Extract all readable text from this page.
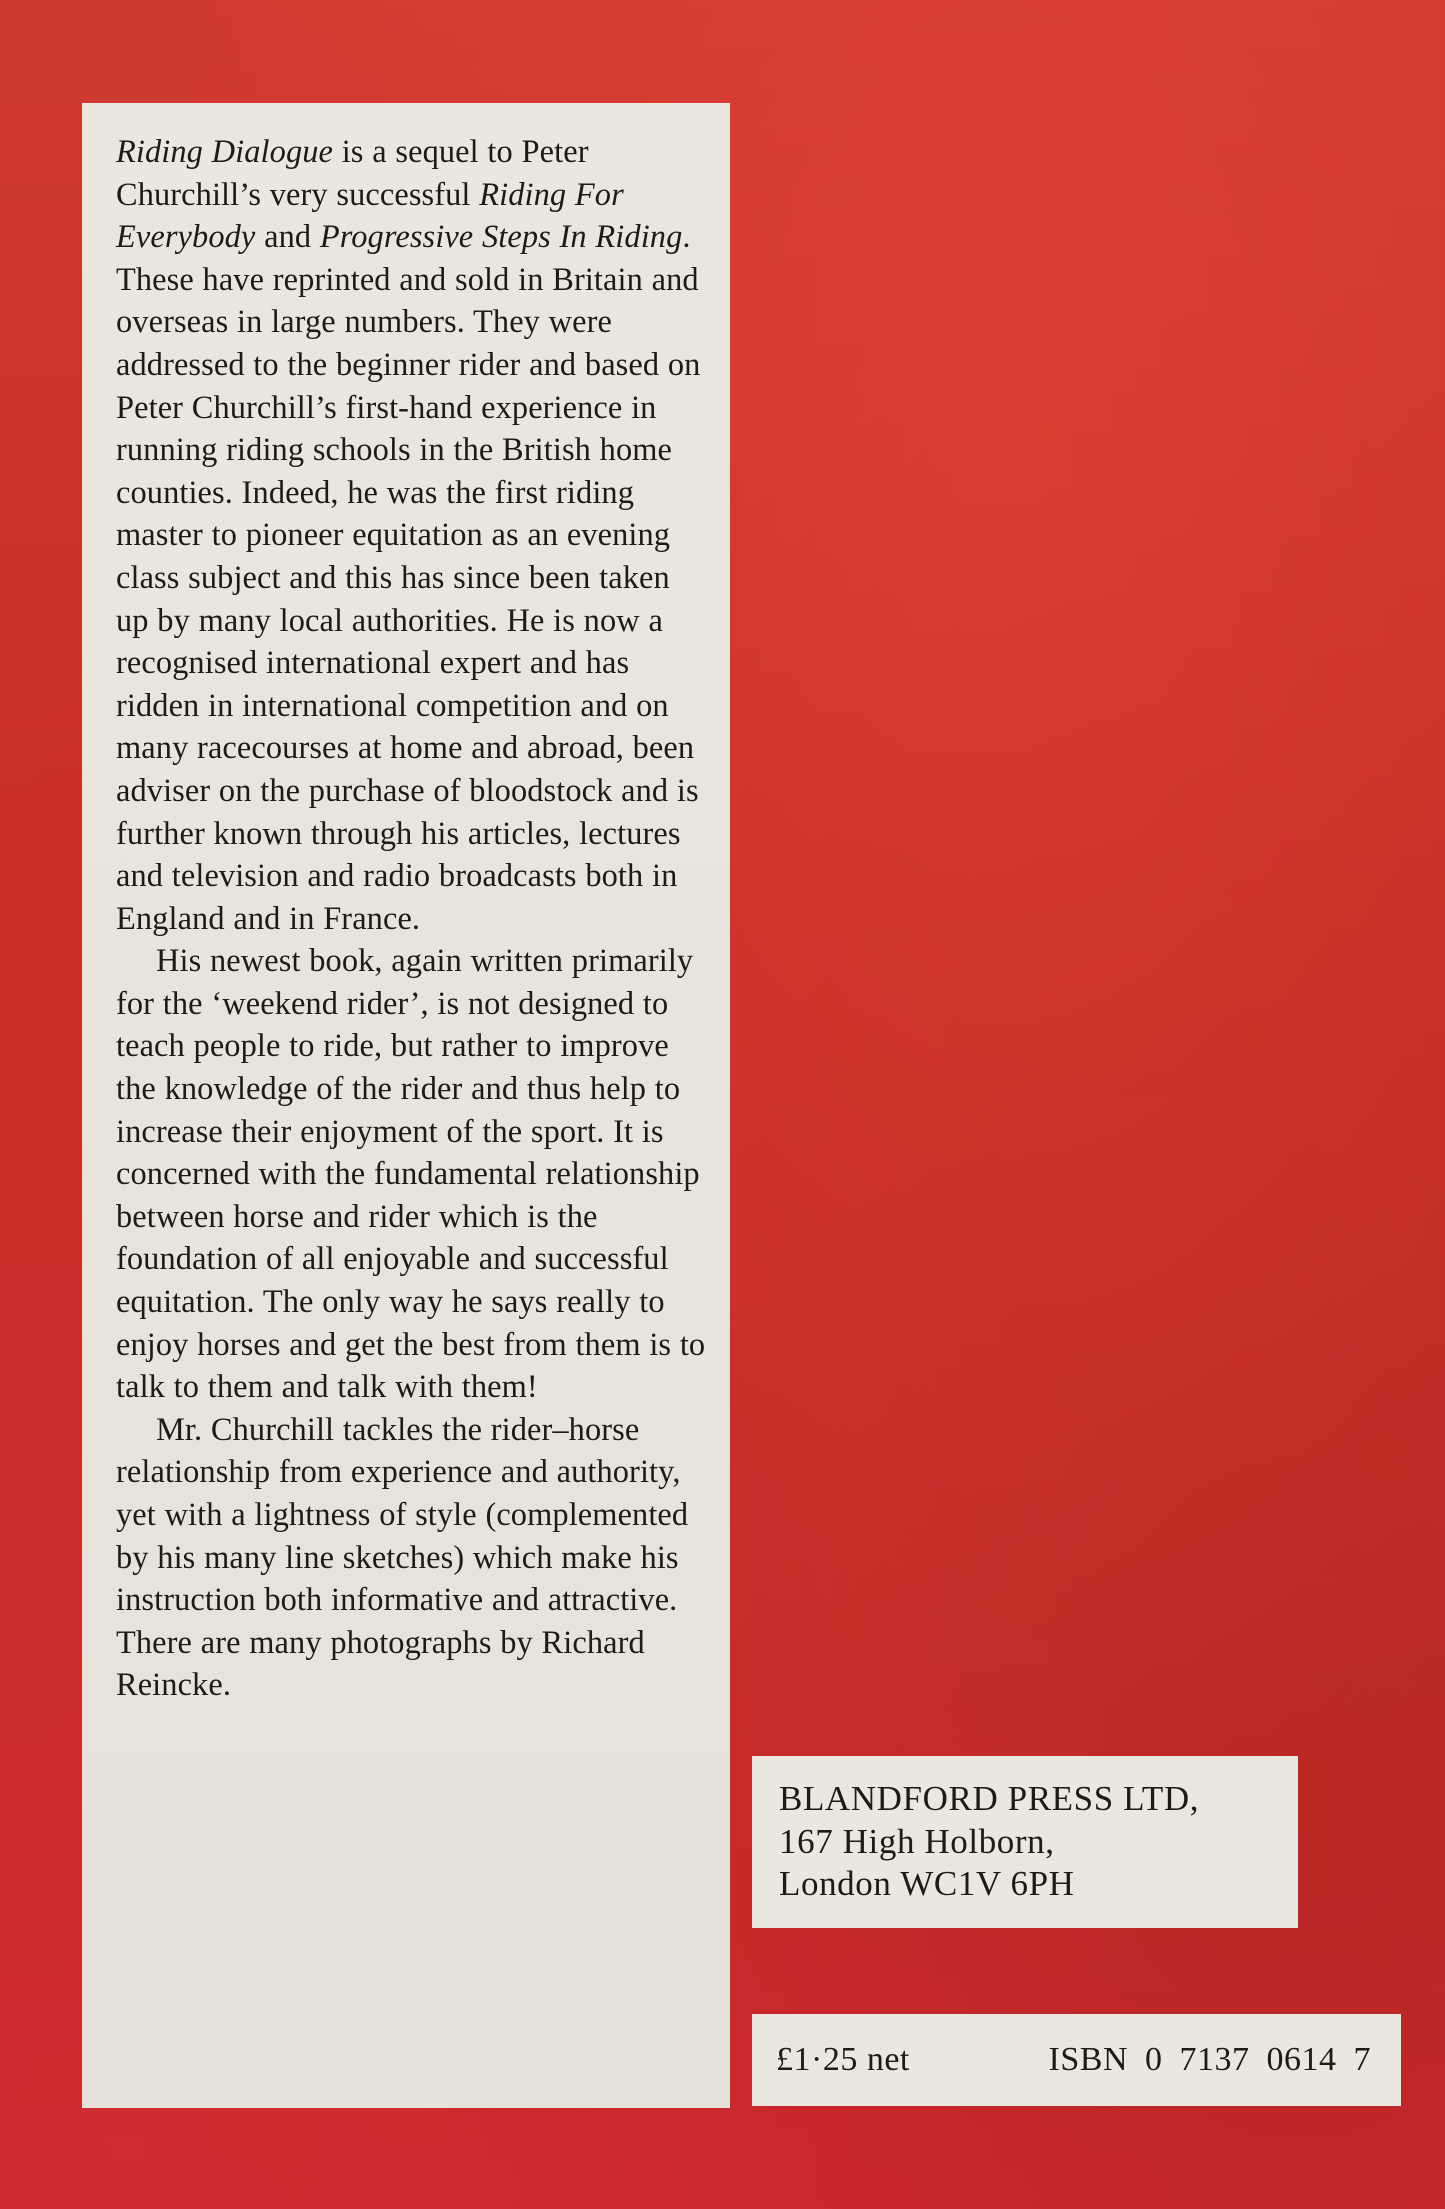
Riding Dialogue is a sequel to Peter Churchill’s very successful Riding For Everybody and Progressive Steps In Riding. These have reprinted and sold in Britain and overseas in large numbers. They were addressed to the beginner rider and based on Peter Churchill’s first-hand experience in running riding schools in the British home counties. Indeed, he was the first riding master to pioneer equitation as an evening class subject and this has since been taken up by many local authorities. He is now a recognised international expert and has ridden in international competition and on many racecourses at home and abroad, been adviser on the purchase of bloodstock and is further known through his articles, lectures and television and radio broadcasts both in England and in France.

His newest book, again written primarily for the ‘weekend rider’, is not designed to teach people to ride, but rather to improve the knowledge of the rider and thus help to increase their enjoyment of the sport. It is concerned with the fundamental relationship between horse and rider which is the foundation of all enjoyable and successful equitation. The only way he says really to enjoy horses and get the best from them is to talk to them and talk with them!

Mr. Churchill tackles the rider–horse relationship from experience and authority, yet with a lightness of style (complemented by his many line sketches) which make his instruction both informative and attractive. There are many photographs by Richard Reincke.

BLANDFORD PRESS LTD,
167 High Holborn,
London WC1V 6PH
£1·25 net	ISBN 0 7137 0614 7
